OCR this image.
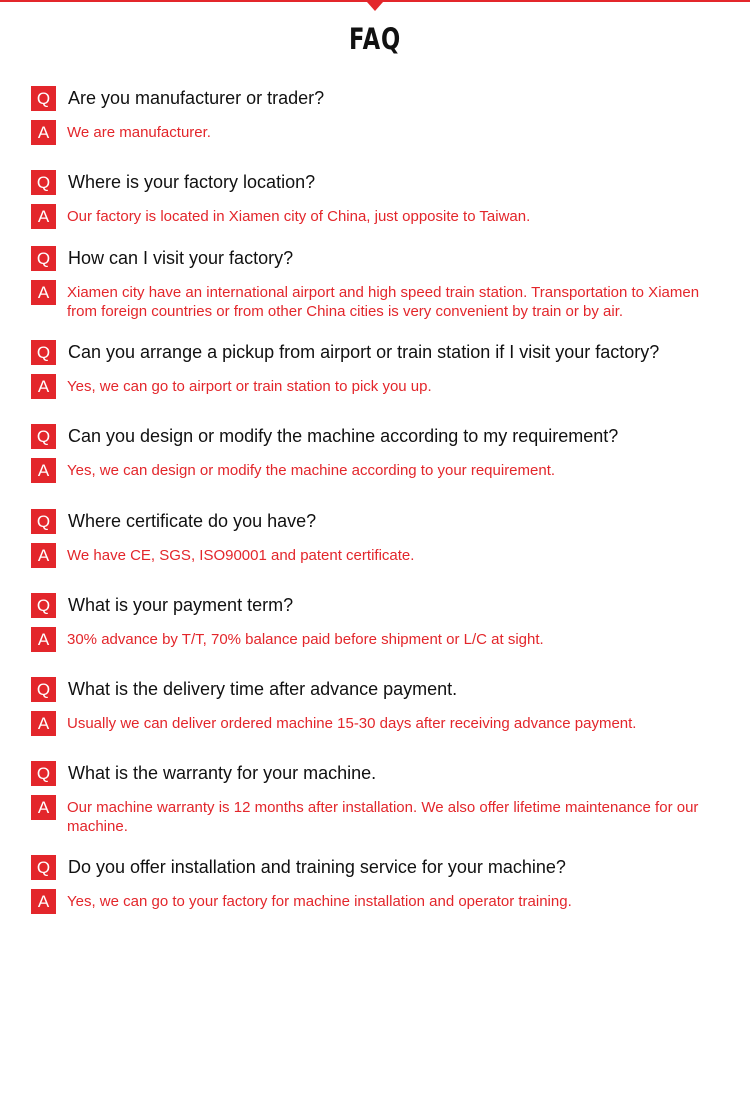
FAQ
Q Are you manufacturer or trader?
A	We are manufacturer.
Q Where is your factory location?
A	Our factory is located in Xiamen city of China, just opposite to Taiwan.
Q How can I visit your factory?
A	Xiamen city have an international airport and high speed train station. Transportation to Xiamen from foreign countries or from other China cities is very convenient by train or by air.
Q Can you arrange a pickup from airport or train station if I visit your factory?
A	Yes, we can go to airport or train station to pick you up.
Q Can you design or modify the machine according to my requirement?
A	Yes, we can design or modify the machine according to your requirement.
Q Where certificate do you have?
A	We have CE, SGS, ISO90001 and patent certificate.
Q What is your payment term?
A	30% advance by T/T, 70% balance paid before shipment or L/C at sight.
Q What is the delivery time after advance payment.
A	Usually we can deliver ordered machine 15-30 days after receiving advance payment.
Q What is the warranty for your machine.
A	Our machine warranty is 12 months after installation. We also offer lifetime maintenance for our machine.
Q Do you offer installation and training service for your machine?
A	Yes, we can go to your factory for machine installation and operator training.
